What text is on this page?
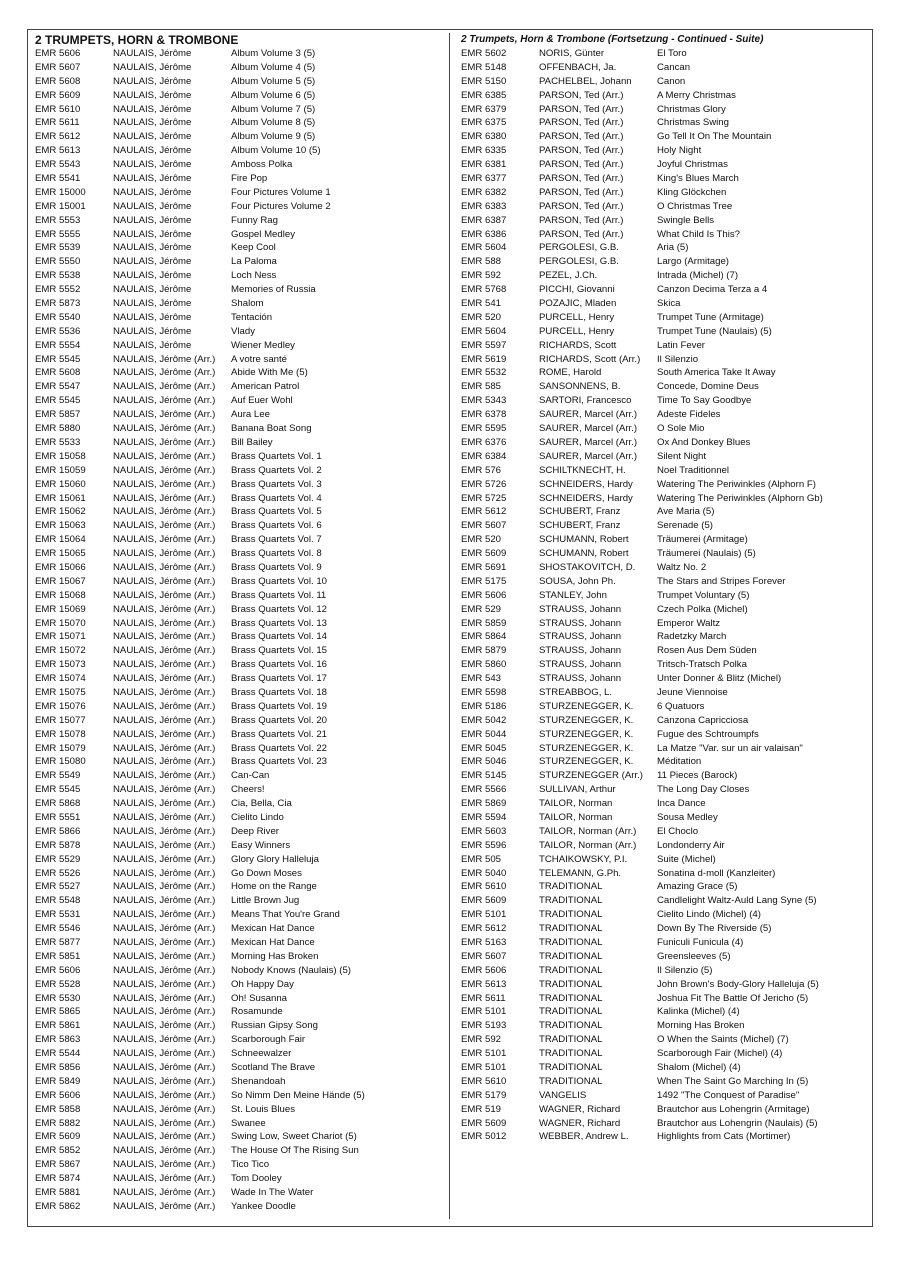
2 TRUMPETS, HORN & TROMBONE
EMR 5606	NAULAIS, Jérôme	Album Volume 3 (5)
EMR 5607	NAULAIS, Jérôme	Album Volume 4 (5)
EMR 5608	NAULAIS, Jérôme	Album Volume 5 (5)
EMR 5609	NAULAIS, Jérôme	Album Volume 6 (5)
EMR 5610	NAULAIS, Jérôme	Album Volume 7 (5)
EMR 5611	NAULAIS, Jérôme	Album Volume 8 (5)
EMR 5612	NAULAIS, Jérôme	Album Volume 9 (5)
EMR 5613	NAULAIS, Jérôme	Album Volume 10 (5)
EMR 5543	NAULAIS, Jérôme	Amboss Polka
EMR 5541	NAULAIS, Jérôme	Fire Pop
EMR 15000	NAULAIS, Jérôme	Four Pictures Volume 1
EMR 15001	NAULAIS, Jérôme	Four Pictures Volume 2
EMR 5553	NAULAIS, Jérôme	Funny Rag
EMR 5555	NAULAIS, Jérôme	Gospel Medley
EMR 5539	NAULAIS, Jérôme	Keep Cool
EMR 5550	NAULAIS, Jérôme	La Paloma
EMR 5538	NAULAIS, Jérôme	Loch Ness
EMR 5552	NAULAIS, Jérôme	Memories of Russia
EMR 5873	NAULAIS, Jérôme	Shalom
EMR 5540	NAULAIS, Jérôme	Tentación
EMR 5536	NAULAIS, Jérôme	Vlady
EMR 5554	NAULAIS, Jérôme	Wiener Medley
EMR 5545	NAULAIS, Jérôme (Arr.)	A votre santé
EMR 5608	NAULAIS, Jérôme (Arr.)	Abide With Me (5)
EMR 5547	NAULAIS, Jérôme (Arr.)	American Patrol
EMR 5545	NAULAIS, Jérôme (Arr.)	Auf Euer Wohl
EMR 5857	NAULAIS, Jérôme (Arr.)	Aura Lee
EMR 5880	NAULAIS, Jérôme (Arr.)	Banana Boat Song
EMR 5533	NAULAIS, Jérôme (Arr.)	Bill Bailey
EMR 15058	NAULAIS, Jérôme (Arr.)	Brass Quartets Vol. 1
EMR 15059	NAULAIS, Jérôme (Arr.)	Brass Quartets Vol. 2
EMR 15060	NAULAIS, Jérôme (Arr.)	Brass Quartets Vol. 3
EMR 15061	NAULAIS, Jérôme (Arr.)	Brass Quartets Vol. 4
EMR 15062	NAULAIS, Jérôme (Arr.)	Brass Quartets Vol. 5
EMR 15063	NAULAIS, Jérôme (Arr.)	Brass Quartets Vol. 6
EMR 15064	NAULAIS, Jérôme (Arr.)	Brass Quartets Vol. 7
EMR 15065	NAULAIS, Jérôme (Arr.)	Brass Quartets Vol. 8
EMR 15066	NAULAIS, Jérôme (Arr.)	Brass Quartets Vol. 9
EMR 15067	NAULAIS, Jérôme (Arr.)	Brass Quartets Vol. 10
EMR 15068	NAULAIS, Jérôme (Arr.)	Brass Quartets Vol. 11
EMR 15069	NAULAIS, Jérôme (Arr.)	Brass Quartets Vol. 12
EMR 15070	NAULAIS, Jérôme (Arr.)	Brass Quartets Vol. 13
EMR 15071	NAULAIS, Jérôme (Arr.)	Brass Quartets Vol. 14
EMR 15072	NAULAIS, Jérôme (Arr.)	Brass Quartets Vol. 15
EMR 15073	NAULAIS, Jérôme (Arr.)	Brass Quartets Vol. 16
EMR 15074	NAULAIS, Jérôme (Arr.)	Brass Quartets Vol. 17
EMR 15075	NAULAIS, Jérôme (Arr.)	Brass Quartets Vol. 18
EMR 15076	NAULAIS, Jérôme (Arr.)	Brass Quartets Vol. 19
EMR 15077	NAULAIS, Jérôme (Arr.)	Brass Quartets Vol. 20
EMR 15078	NAULAIS, Jérôme (Arr.)	Brass Quartets Vol. 21
EMR 15079	NAULAIS, Jérôme (Arr.)	Brass Quartets Vol. 22
EMR 15080	NAULAIS, Jérôme (Arr.)	Brass Quartets Vol. 23
EMR 5549	NAULAIS, Jérôme (Arr.)	Can-Can
EMR 5545	NAULAIS, Jérôme (Arr.)	Cheers!
EMR 5868	NAULAIS, Jérôme (Arr.)	Cia, Bella, Cia
EMR 5551	NAULAIS, Jérôme (Arr.)	Cielito Lindo
EMR 5866	NAULAIS, Jérôme (Arr.)	Deep River
EMR 5878	NAULAIS, Jérôme (Arr.)	Easy Winners
EMR 5529	NAULAIS, Jérôme (Arr.)	Glory Glory Halleluja
EMR 5526	NAULAIS, Jérôme (Arr.)	Go Down Moses
EMR 5527	NAULAIS, Jérôme (Arr.)	Home on the Range
EMR 5548	NAULAIS, Jérôme (Arr.)	Little Brown Jug
EMR 5531	NAULAIS, Jérôme (Arr.)	Means That You're Grand
EMR 5546	NAULAIS, Jérôme (Arr.)	Mexican Hat Dance
EMR 5877	NAULAIS, Jérôme (Arr.)	Mexican Hat Dance
EMR 5851	NAULAIS, Jérôme (Arr.)	Morning Has Broken
EMR 5606	NAULAIS, Jérôme (Arr.)	Nobody Knows (Naulais) (5)
EMR 5528	NAULAIS, Jérôme (Arr.)	Oh Happy Day
EMR 5530	NAULAIS, Jérôme (Arr.)	Oh! Susanna
EMR 5865	NAULAIS, Jérôme (Arr.)	Rosamunde
EMR 5861	NAULAIS, Jérôme (Arr.)	Russian Gipsy Song
EMR 5863	NAULAIS, Jérôme (Arr.)	Scarborough Fair
EMR 5544	NAULAIS, Jérôme (Arr.)	Schneewalzer
EMR 5856	NAULAIS, Jérôme (Arr.)	Scotland The Brave
EMR 5849	NAULAIS, Jérôme (Arr.)	Shenandoah
EMR 5606	NAULAIS, Jérôme (Arr.)	So Nimm Den Meine Hände (5)
EMR 5858	NAULAIS, Jérôme (Arr.)	St. Louis Blues
EMR 5882	NAULAIS, Jérôme (Arr.)	Swanee
EMR 5609	NAULAIS, Jérôme (Arr.)	Swing Low, Sweet Chariot (5)
EMR 5852	NAULAIS, Jérôme (Arr.)	The House Of The Rising Sun
EMR 5867	NAULAIS, Jérôme (Arr.)	Tico Tico
EMR 5874	NAULAIS, Jérôme (Arr.)	Tom Dooley
EMR 5881	NAULAIS, Jérôme (Arr.)	Wade In The Water
EMR 5862	NAULAIS, Jérôme (Arr.)	Yankee Doodle
2 Trumpets, Horn & Trombone (Fortsetzung - Continued - Suite)
EMR 5602	NORIS, Günter	El Toro
EMR 5148	OFFENBACH, Ja.	Cancan
EMR 5150	PACHELBEL, Johann	Canon
EMR 6385	PARSON, Ted (Arr.)	A Merry Christmas
EMR 6379	PARSON, Ted (Arr.)	Christmas Glory
EMR 6375	PARSON, Ted (Arr.)	Christmas Swing
EMR 6380	PARSON, Ted (Arr.)	Go Tell It On The Mountain
EMR 6335	PARSON, Ted (Arr.)	Holy Night
EMR 6381	PARSON, Ted (Arr.)	Joyful Christmas
EMR 6377	PARSON, Ted (Arr.)	King's Blues March
EMR 6382	PARSON, Ted (Arr.)	Kling Glöckchen
EMR 6383	PARSON, Ted (Arr.)	O Christmas Tree
EMR 6387	PARSON, Ted (Arr.)	Swingle Bells
EMR 6386	PARSON, Ted (Arr.)	What Child Is This?
EMR 5604	PERGOLESI, G.B.	Aria (5)
EMR 588	PERGOLESI, G.B.	Largo (Armitage)
EMR 592	PEZEL, J.Ch.	Intrada (Michel) (7)
EMR 5768	PICCHI, Giovanni	Canzon Decima Terza a 4
EMR 541	POZAJIC, Mladen	Skica
EMR 520	PURCELL, Henry	Trumpet Tune (Armitage)
EMR 5604	PURCELL, Henry	Trumpet Tune (Naulais) (5)
EMR 5597	RICHARDS, Scott	Latin Fever
EMR 5619	RICHARDS, Scott (Arr.)	Il Silenzio
EMR 5532	ROME, Harold	South America Take It Away
EMR 585	SANSONNENS, B.	Concede, Domine Deus
EMR 5343	SARTORI, Francesco	Time To Say Goodbye
EMR 6378	SAURER, Marcel (Arr.)	Adeste Fideles
EMR 5595	SAURER, Marcel (Arr.)	O Sole Mio
EMR 6376	SAURER, Marcel (Arr.)	Ox And Donkey Blues
EMR 6384	SAURER, Marcel (Arr.)	Silent Night
EMR 576	SCHILTKNECHT, H.	Noel Traditionnel
EMR 5726	SCHNEIDERS, Hardy	Watering The Periwinkles (Alphorn F)
EMR 5725	SCHNEIDERS, Hardy	Watering The Periwinkles (Alphorn Gb)
EMR 5612	SCHUBERT, Franz	Ave Maria (5)
EMR 5607	SCHUBERT, Franz	Serenade (5)
EMR 520	SCHUMANN, Robert	Träumerei (Armitage)
EMR 5609	SCHUMANN, Robert	Träumerei (Naulais) (5)
EMR 5691	SHOSTAKOVITCH, D.	Waltz No. 2
EMR 5175	SOUSA, John Ph.	The Stars and Stripes Forever
EMR 5606	STANLEY, John	Trumpet Voluntary (5)
EMR 529	STRAUSS, Johann	Czech Polka (Michel)
EMR 5859	STRAUSS, Johann	Emperor Waltz
EMR 5864	STRAUSS, Johann	Radetzky March
EMR 5879	STRAUSS, Johann	Rosen Aus Dem Süden
EMR 5860	STRAUSS, Johann	Tritsch-Tratsch Polka
EMR 543	STRAUSS, Johann	Unter Donner & Blitz (Michel)
EMR 5598	STREABBOG, L.	Jeune Viennoise
EMR 5186	STURZENEGGER, K.	6 Quatuors
EMR 5042	STURZENEGGER, K.	Canzona Capricciosa
EMR 5044	STURZENEGGER, K.	Fugue des Schtroumpfs
EMR 5045	STURZENEGGER, K.	La Matze "Var. sur un air valaisan"
EMR 5046	STURZENEGGER, K.	Méditation
EMR 5145	STURZENEGGER (Arr.)	11 Pieces (Barock)
EMR 5566	SULLIVAN, Arthur	The Long Day Closes
EMR 5869	TAILOR, Norman	Inca Dance
EMR 5594	TAILOR, Norman	Sousa Medley
EMR 5603	TAILOR, Norman (Arr.)	El Choclo
EMR 5596	TAILOR, Norman (Arr.)	Londonderry Air
EMR 505	TCHAIKOWSKY, P.I.	Suite (Michel)
EMR 5040	TELEMANN, G.Ph.	Sonatina d-moll (Kanzleiter)
EMR 5610	TRADITIONAL	Amazing Grace (5)
EMR 5609	TRADITIONAL	Candlelight Waltz-Auld Lang Syne (5)
EMR 5101	TRADITIONAL	Cielito Lindo (Michel) (4)
EMR 5612	TRADITIONAL	Down By The Riverside (5)
EMR 5163	TRADITIONAL	Funiculi Funicula (4)
EMR 5607	TRADITIONAL	Greensleeves (5)
EMR 5606	TRADITIONAL	Il Silenzio (5)
EMR 5613	TRADITIONAL	John Brown's Body-Glory Halleluja (5)
EMR 5611	TRADITIONAL	Joshua Fit The Battle Of Jericho (5)
EMR 5101	TRADITIONAL	Kalinka (Michel) (4)
EMR 5193	TRADITIONAL	Morning Has Broken
EMR 592	TRADITIONAL	O When the Saints (Michel) (7)
EMR 5101	TRADITIONAL	Scarborough Fair (Michel) (4)
EMR 5101	TRADITIONAL	Shalom (Michel) (4)
EMR 5610	TRADITIONAL	When The Saint Go Marching In (5)
EMR 5179	VANGELIS	1492 "The Conquest of Paradise"
EMR 519	WAGNER, Richard	Brautchor aus Lohengrin (Armitage)
EMR 5609	WAGNER, Richard	Brautchor aus Lohengrin (Naulais) (5)
EMR 5012	WEBBER, Andrew L.	Highlights from Cats (Mortimer)
